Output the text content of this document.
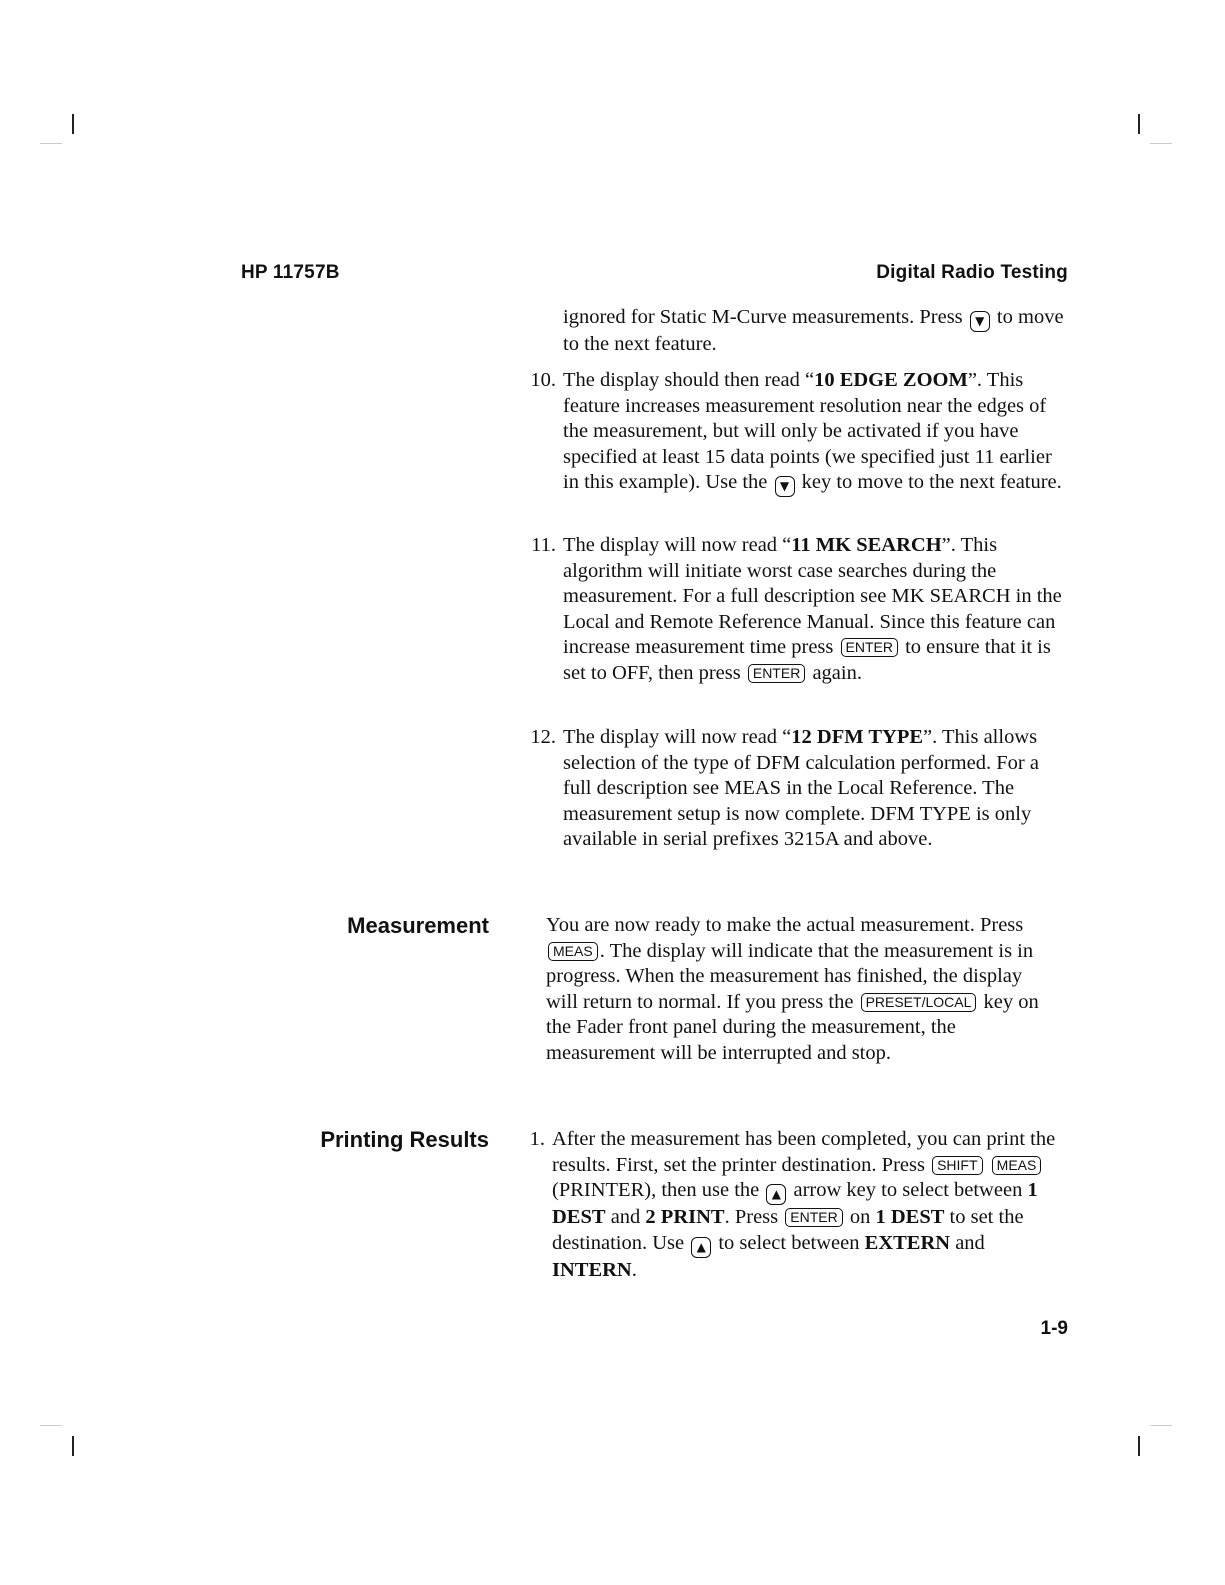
HP 11757B	Digital Radio Testing
ignored for Static M-Curve measurements. Press ▼ to move to the next feature.
10. The display should then read “10 EDGE ZOOM”. This feature increases measurement resolution near the edges of the measurement, but will only be activated if you have specified at least 15 data points (we specified just 11 earlier in this example). Use the ▼ key to move to the next feature.
11. The display will now read “11 MK SEARCH”. This algorithm will initiate worst case searches during the measurement. For a full description see MK SEARCH in the Local and Remote Reference Manual. Since this feature can increase measurement time press ENTER to ensure that it is set to OFF, then press ENTER again.
12. The display will now read “12 DFM TYPE”. This allows selection of the type of DFM calculation performed. For a full description see MEAS in the Local Reference. The measurement setup is now complete. DFM TYPE is only available in serial prefixes 3215A and above.
Measurement	You are now ready to make the actual measurement. Press MEAS . The display will indicate that the measurement is in progress. When the measurement has finished, the display will return to normal. If you press the PRESET/LOCAL key on the Fader front panel during the measurement, the measurement will be interrupted and stop.
Printing Results	1. After the measurement has been completed, you can print the results. First, set the printer destination. Press SHIFT MEAS (PRINTER), then use the ▲ arrow key to select between 1 DEST and 2 PRINT. Press ENTER on 1 DEST to set the destination. Use ▲ to select between EXTERN and INTERN.
1-9
